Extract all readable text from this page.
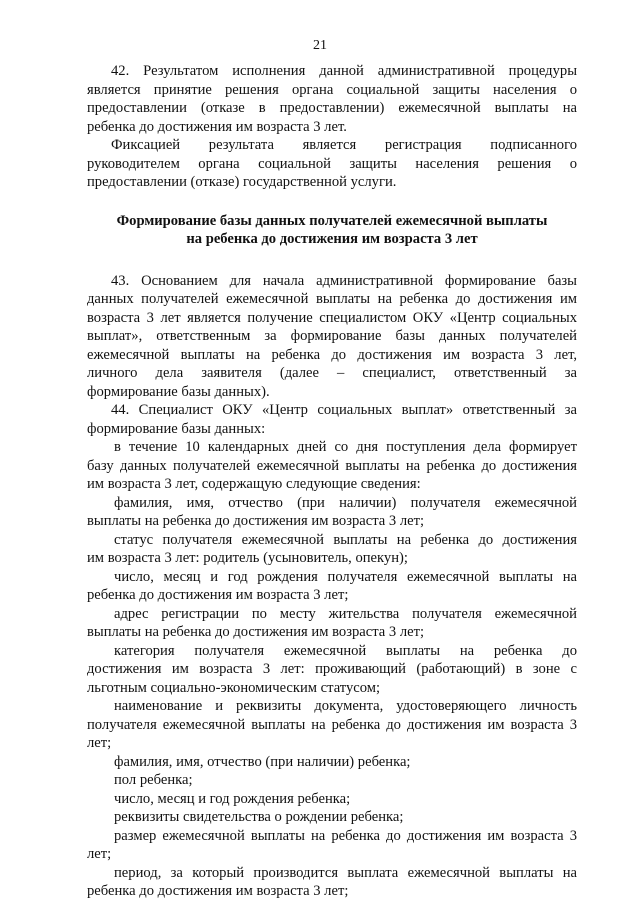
21
42. Результатом исполнения данной административной процедуры
является принятие решения органа социальной защиты населения о
предоставлении (отказе в предоставлении) ежемесячной выплаты на
ребенка до достижения им возраста 3 лет.
Фиксацией результата является регистрация подписанного
руководителем органа социальной защиты населения решения о
предоставлении (отказе) государственной услуги.
Формирование базы данных получателей ежемесячной выплаты
на ребенка до достижения им возраста 3 лет
43. Основанием для начала административной формирование базы
данных получателей ежемесячной выплаты на ребенка до достижения им
возраста 3 лет является получение специалистом ОКУ «Центр социальных
выплат», ответственным за формирование базы данных получателей
ежемесячной выплаты на ребенка до достижения им возраста 3 лет,
личного дела заявителя (далее – специалист, ответственный за
формирование базы данных).
44. Специалист ОКУ «Центр социальных выплат» ответственный за
формирование базы данных:
в течение 10 календарных дней со дня поступления дела формирует
базу данных получателей ежемесячной выплаты на ребенка до достижения
им возраста 3 лет, содержащую следующие сведения:
фамилия, имя, отчество (при наличии) получателя ежемесячной
выплаты на ребенка до достижения им возраста 3 лет;
статус получателя ежемесячной выплаты на ребенка до достижения
им возраста 3 лет: родитель (усыновитель, опекун);
число, месяц и год рождения получателя ежемесячной выплаты на
ребенка до достижения им возраста 3 лет;
адрес регистрации по месту жительства получателя ежемесячной
выплаты на ребенка до достижения им возраста 3 лет;
категория получателя ежемесячной выплаты на ребенка до
достижения им возраста 3 лет: проживающий (работающий) в зоне с
льготным социально-экономическим статусом;
наименование и реквизиты документа, удостоверяющего личность
получателя ежемесячной выплаты на ребенка до достижения им возраста 3
лет;
фамилия, имя, отчество (при наличии) ребенка;
пол ребенка;
число, месяц и год рождения ребенка;
реквизиты свидетельства о рождении ребенка;
размер ежемесячной выплаты на ребенка до достижения им возраста 3
лет;
период, за который производится выплата ежемесячной выплаты на
ребенка до достижения им возраста 3 лет;
